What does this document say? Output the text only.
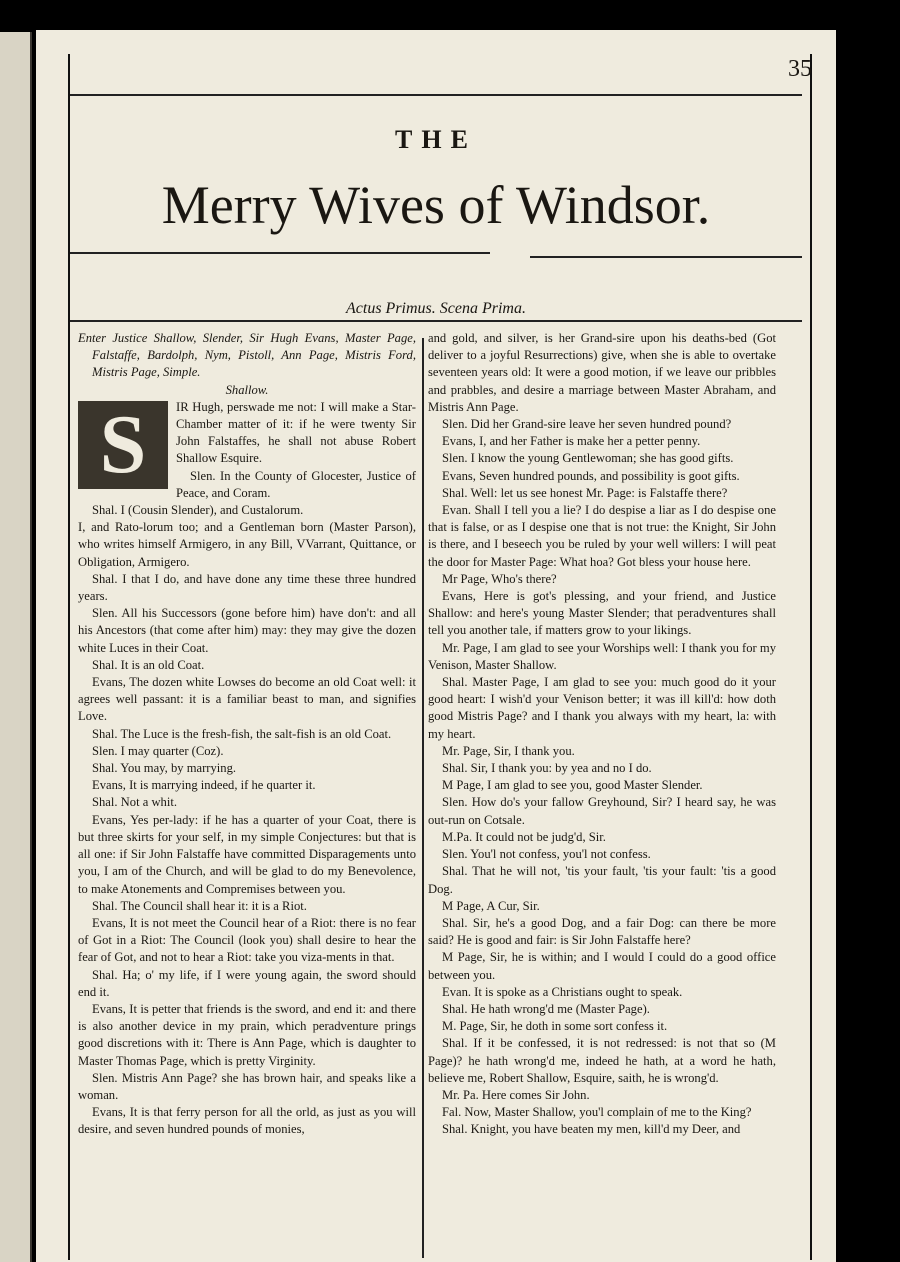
35
THE
Merry Wives of Windsor.
Actus Primus. Scena Prima.

Enter Justice Shallow, Slender, Sir Hugh Evans, Master Page, Falstaffe, Bardolph, Nym, Pistoll, Ann Page, Mistris Ford, Mistris Page, Simple.

Shallow.

S	IR Hugh, perswade me not: I will make a Star-Chamber matter of it: if he were twenty Sir John Falstaffes, he shall not abuse Robert Shallow Esquire.

Slen. In the County of Glocester, Justice of Peace, and Coram.

Shal. I (Cousin Slender), and Custalorum.

I, and Rato-lorum too; and a Gentleman born (Master Parson), who writes himself Armigero, in any Bill, VVarrant, Quittance, or Obligation, Armigero.

Shal. I that I do, and have done any time these three hundred years.

Slen. All his Successors (gone before him) have don't: and all his Ancestors (that come after him) may: they may give the dozen white Luces in their Coat.

Shal. It is an old Coat.

Evans, The dozen white Lowses do become an old Coat well: it agrees well passant: it is a familiar beast to man, and signifies Love.

Shal. The Luce is the fresh-fish, the salt-fish is an old Coat.

Slen. I may quarter (Coz).

Shal. You may, by marrying.

Evans, It is marrying indeed, if he quarter it.

Shal. Not a whit.

Evans, Yes per-lady: if he has a quarter of your Coat, there is but three skirts for your self, in my simple Conjectures: but that is all one: if Sir John Falstaffe have committed Disparagements unto you, I am of the Church, and will be glad to do my Benevolence, to make Atonements and Compremises between you.

Shal. The Council shall hear it: it is a Riot.

Evans, It is not meet the Council hear of a Riot: there is no fear of Got in a Riot: The Council (look you) shall desire to hear the fear of Got, and not to hear a Riot: take you viza-ments in that.

Shal. Ha; o' my life, if I were young again, the sword should end it.

Evans, It is petter that friends is the sword, and end it: and there is also another device in my prain, which peradventure prings good discretions with it: There is Ann Page, which is daughter to Master Thomas Page, which is pretty Virginity.

Slen. Mistris Ann Page? she has brown hair, and speaks like a woman.

Evans, It is that ferry person for all the orld, as just as you will desire, and seven hundred pounds of monies,

and gold, and silver, is her Grand-sire upon his deaths-bed (Got deliver to a joyful Resurrections) give, when she is able to overtake seventeen years old: It were a good motion, if we leave our pribbles and prabbles, and desire a marriage between Master Abraham, and Mistris Ann Page.

Slen. Did her Grand-sire leave her seven hundred pound?

Evans, I, and her Father is make her a petter penny.

Slen. I know the young Gentlewoman; she has good gifts.

Evans, Seven hundred pounds, and possibility is goot gifts.

Shal. Well: let us see honest Mr. Page: is Falstaffe there?

Evan. Shall I tell you a lie? I do despise a liar as I do despise one that is false, or as I despise one that is not true: the Knight, Sir John is there, and I beseech you be ruled by your well willers: I will peat the door for Master Page: What hoa? Got bless your house here.

Mr Page, Who's there?

Evans, Here is got's plessing, and your friend, and Justice Shallow: and here's young Master Slender; that peradventures shall tell you another tale, if matters grow to your likings.

Mr. Page, I am glad to see your Worships well: I thank you for my Venison, Master Shallow.

Shal. Master Page, I am glad to see you: much good do it your good heart: I wish'd your Venison better; it was ill kill'd: how doth good Mistris Page? and I thank you always with my heart, la: with my heart.

Mr. Page, Sir, I thank you.

Shal. Sir, I thank you: by yea and no I do.

M Page, I am glad to see you, good Master Slender.

Slen. How do's your fallow Greyhound, Sir? I heard say, he was out-run on Cotsale.

M.Pa. It could not be judg'd, Sir.

Slen. You'l not confess, you'l not confess.

Shal. That he will not, 'tis your fault, 'tis your fault: 'tis a good Dog.

M Page, A Cur, Sir.

Shal. Sir, he's a good Dog, and a fair Dog: can there be more said? He is good and fair: is Sir John Falstaffe here?

M Page, Sir, he is within; and I would I could do a good office between you.

Evan. It is spoke as a Christians ought to speak.

Shal. He hath wrong'd me (Master Page).

M. Page, Sir, he doth in some sort confess it.

Shal. If it be confessed, it is not redressed: is not that so (M Page)? he hath wrong'd me, indeed he hath, at a word he hath, believe me, Robert Shallow, Esquire, saith, he is wrong'd.

Mr. Pa. Here comes Sir John.

Fal. Now, Master Shallow, you'l complain of me to the King?

Shal. Knight, you have beaten my men, kill'd my Deer, and
